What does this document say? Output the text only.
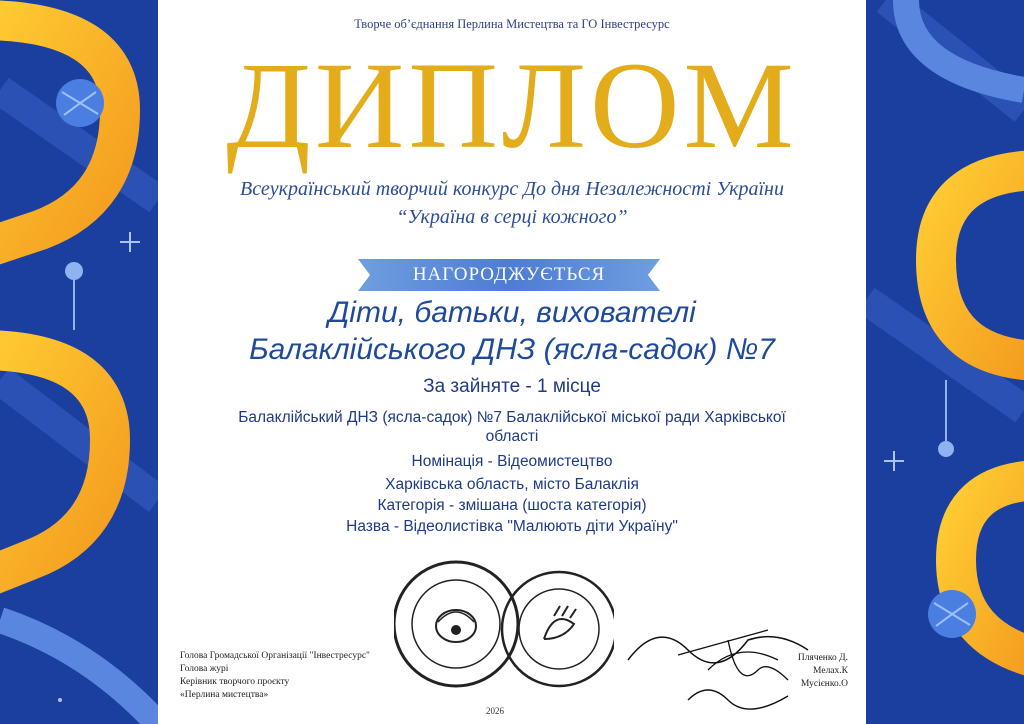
Творче об’єднання Перлина Мистецтва та ГО Інвестресурс
ДИПЛОМ
Всеукраїнський творчий конкурс До дня Незалежності України
“Україна в серці кожного”
НАГОРОДЖУЄТЬСЯ
Діти, батьки, вихователі
Балаклійського ДНЗ (ясла-садок) №7
За зайняте - 1 місце
Балаклійський ДНЗ (ясла-садок) №7 Балаклійської міської ради Харківської
області
Номінація - Відеомистецтво
Харківська область, місто Балаклія
Категорія - змішана (шоста категорія)
Назва - Відеолистівка "Малюють діти Україну"
Голова Громадської Організації "Інвестресурс"
Голова журі
Керівник творчого проєкту
«Перлина мистецтва»
Пляченко Д.
Мелах.К
Мусієнко.О
2026
